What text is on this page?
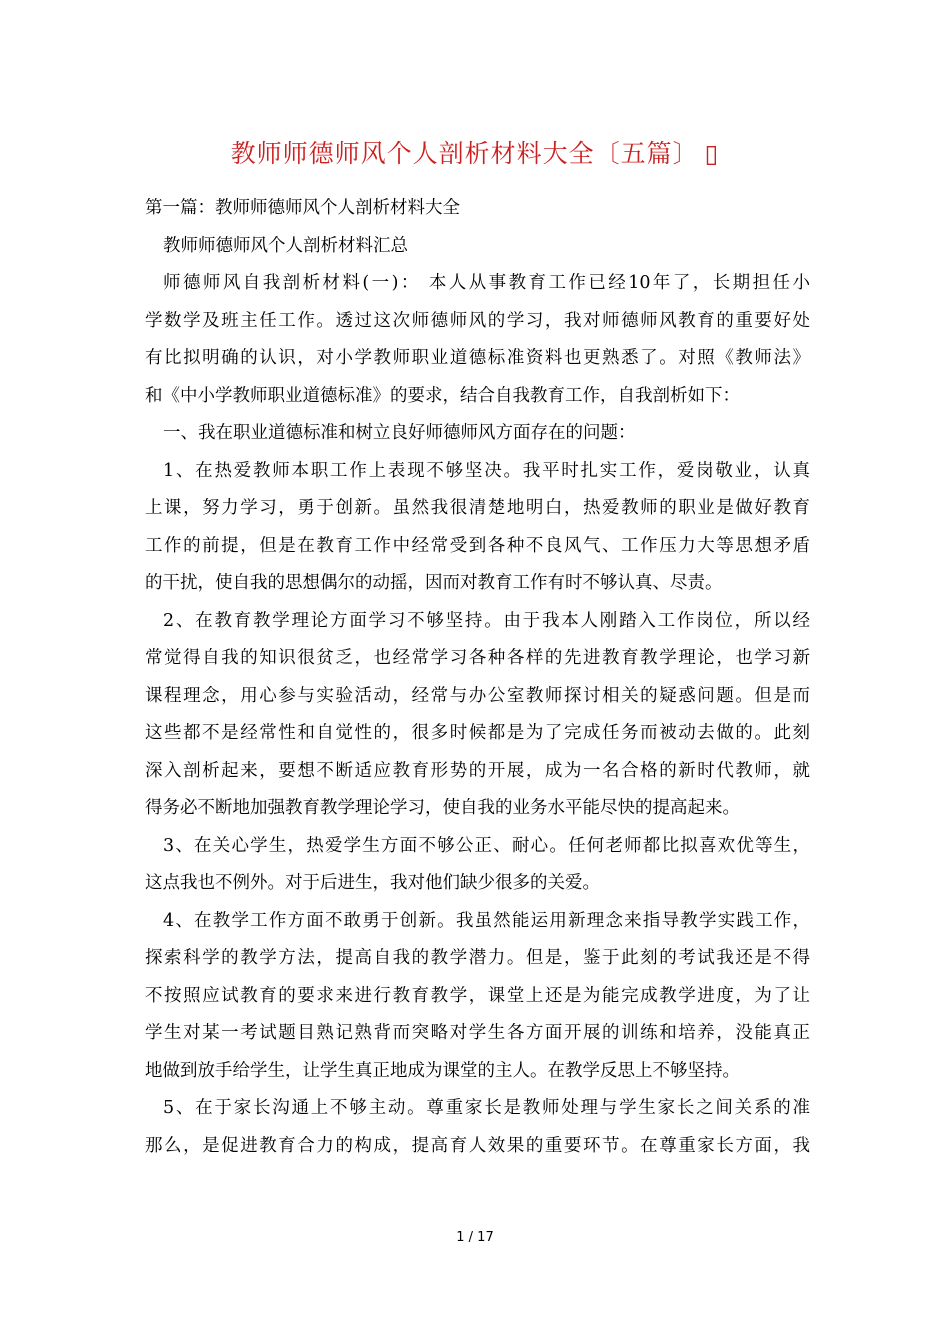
教师师德师风个人剖析材料大全〔五篇〕 ▯
第一篇：教师师德师风个人剖析材料大全
教师师德师风个人剖析材料汇总
师德师风自我剖析材料(一)： 本人从事教育工作已经10年了，长期担任小
学数学及班主任工作。透过这次师德师风的学习，我对师德师风教育的重要好处
有比拟明确的认识，对小学教师职业道德标准资料也更熟悉了。对照《教师法》
和《中小学教师职业道德标准》的要求，结合自我教育工作，自我剖析如下：
一、我在职业道德标准和树立良好师德师风方面存在的问题：
1、在热爱教师本职工作上表现不够坚决。我平时扎实工作，爱岗敬业，认真
上课，努力学习，勇于创新。虽然我很清楚地明白，热爱教师的职业是做好教育
工作的前提，但是在教育工作中经常受到各种不良风气、工作压力大等思想矛盾
的干扰，使自我的思想偶尔的动摇，因而对教育工作有时不够认真、尽责。
2、在教育教学理论方面学习不够坚持。由于我本人刚踏入工作岗位，所以经
常觉得自我的知识很贫乏，也经常学习各种各样的先进教育教学理论，也学习新
课程理念，用心参与实验活动，经常与办公室教师探讨相关的疑惑问题。但是而
这些都不是经常性和自觉性的，很多时候都是为了完成任务而被动去做的。此刻
深入剖析起来，要想不断适应教育形势的开展，成为一名合格的新时代教师，就
得务必不断地加强教育教学理论学习，使自我的业务水平能尽快的提高起来。
3、在关心学生，热爱学生方面不够公正、耐心。任何老师都比拟喜欢优等生，
这点我也不例外。对于后进生，我对他们缺少很多的关爱。
4、在教学工作方面不敢勇于创新。我虽然能运用新理念来指导教学实践工作，
探索科学的教学方法，提高自我的教学潜力。但是，鉴于此刻的考试我还是不得
不按照应试教育的要求来进行教育教学，课堂上还是为能完成教学进度，为了让
学生对某一考试题目熟记熟背而突略对学生各方面开展的训练和培养，没能真正
地做到放手给学生，让学生真正地成为课堂的主人。在教学反思上不够坚持。
5、在于家长沟通上不够主动。尊重家长是教师处理与学生家长之间关系的准
那么，是促进教育合力的构成，提高育人效果的重要环节。在尊重家长方面，我
1 / 17
